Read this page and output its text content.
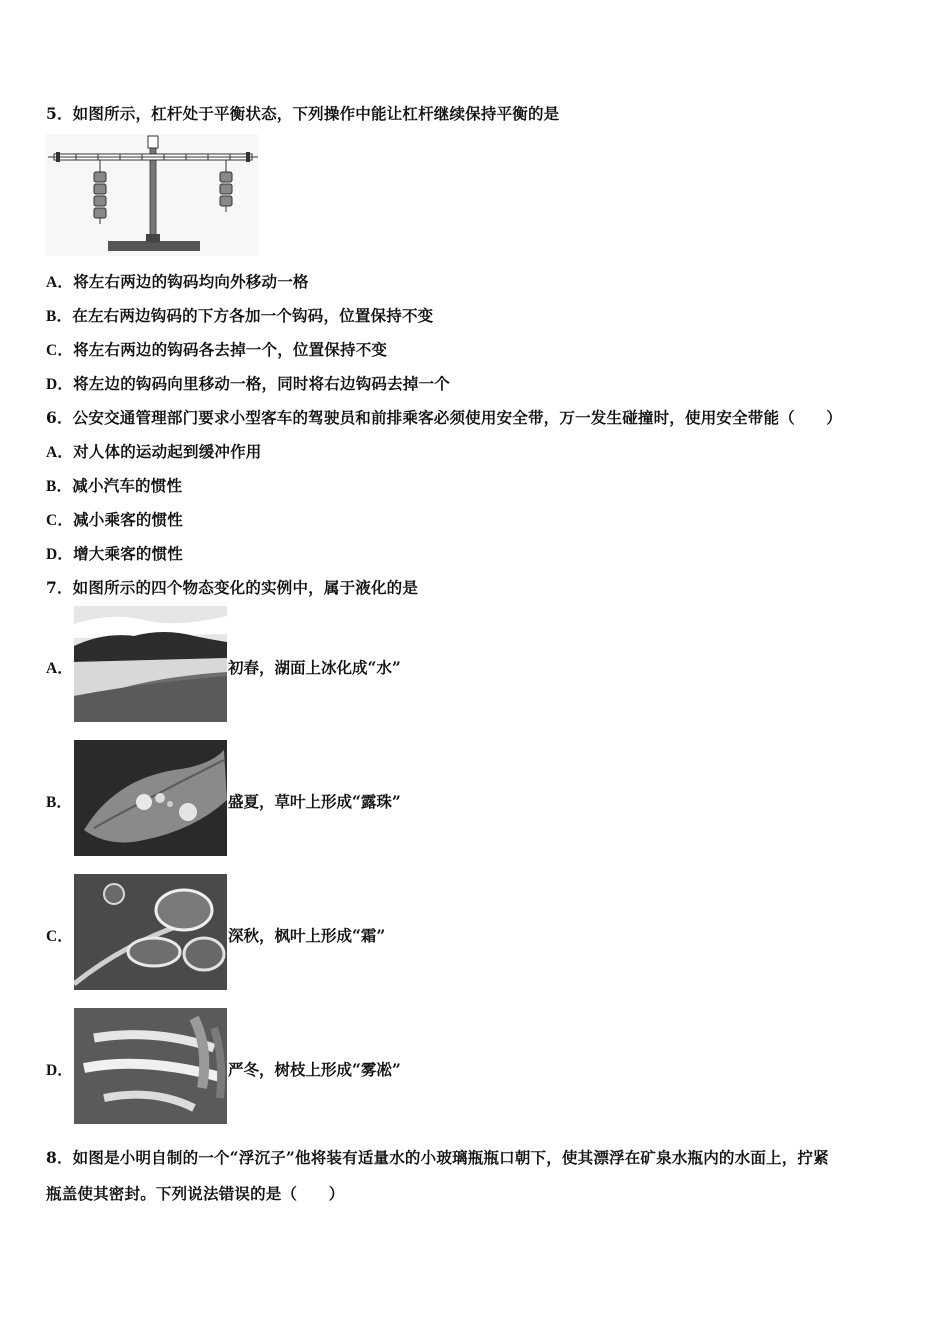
5．如图所示，杠杆处于平衡状态，下列操作中能让杠杆继续保持平衡的是
A．将左右两边的钩码均向外移动一格
B．在左右两边钩码的下方各加一个钩码，位置保持不变
C．将左右两边的钩码各去掉一个，位置保持不变
D．将左边的钩码向里移动一格，同时将右边钩码去掉一个
6．公安交通管理部门要求小型客车的驾驶员和前排乘客必须使用安全带，万一发生碰撞时，使用安全带能（　　）
A．对人体的运动起到缓冲作用
B．减小汽车的惯性
C．减小乘客的惯性
D．增大乘客的惯性
7．如图所示的四个物态变化的实例中，属于液化的是
A．	初春，湖面上冰化成“水”
B．	盛夏，草叶上形成“露珠”
C．	深秋，枫叶上形成“霜”
D．	严冬，树枝上形成“雾凇”
8．如图是小明自制的一个“浮沉子”他将装有适量水的小玻璃瓶瓶口朝下，使其漂浮在矿泉水瓶内的水面上，拧紧
瓶盖使其密封。下列说法错误的是（　　）
